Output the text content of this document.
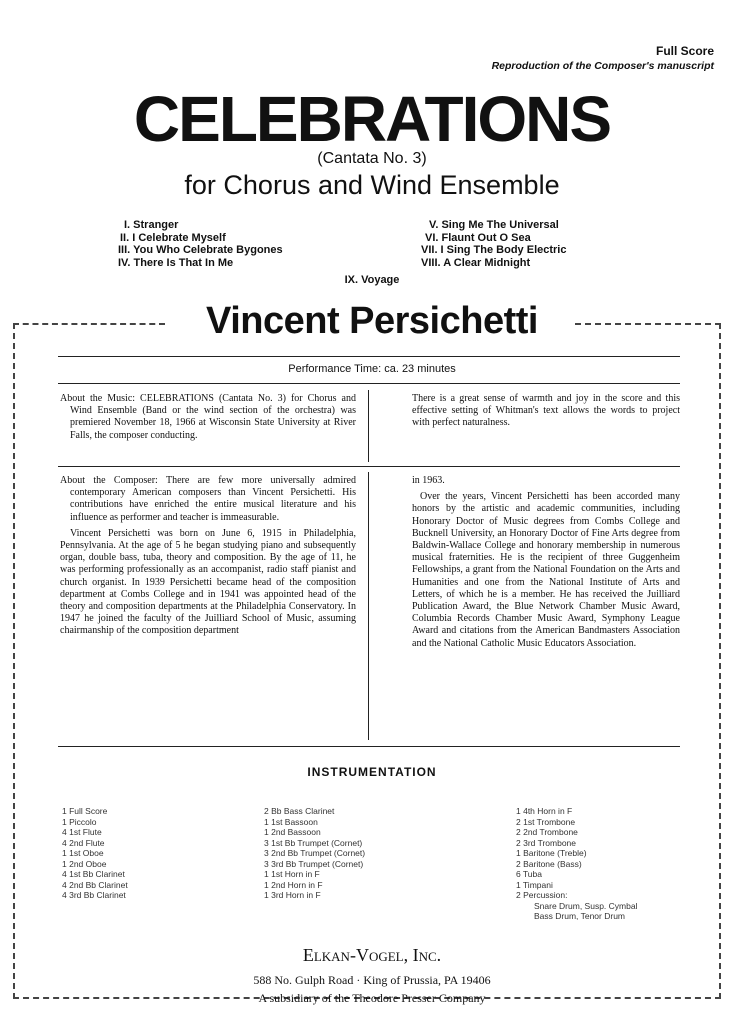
Full Score
Reproduction of the Composer's manuscript
CELEBRATIONS
(Cantata No. 3)
for Chorus and Wind Ensemble
I. Stranger
II. I Celebrate Myself
III. You Who Celebrate Bygones
IV. There Is That In Me
V. Sing Me The Universal
VI. Flaunt Out O Sea
VII. I Sing The Body Electric
VIII. A Clear Midnight
IX. Voyage
Vincent Persichetti
Performance Time: ca. 23 minutes

About the Music: CELEBRATIONS (Cantata No. 3) for Chorus and Wind Ensemble (Band or the wind section of the orchestra) was premiered November 18, 1966 at Wisconsin State University at River Falls, the composer conducting.

There is a great sense of warmth and joy in the score and this effective setting of Whitman's text allows the words to project with perfect naturalness.

About the Composer: There are few more universally admired contemporary American composers than Vincent Persichetti. His contributions have enriched the entire musical literature and his influence as performer and teacher is immeasurable.

Vincent Persichetti was born on June 6, 1915 in Philadelphia, Pennsylvania. At the age of 5 he began studying piano and subsequently organ, double bass, tuba, theory and composition. By the age of 11, he was performing professionally as an accompanist, radio staff pianist and church organist. In 1939 Persichetti became head of the composition department at Combs College and in 1941 was appointed head of the theory and composition departments at the Philadelphia Conservatory. In 1947 he joined the faculty of the Juilliard School of Music, assuming chairmanship of the composition department

in 1963.

Over the years, Vincent Persichetti has been accorded many honors by the artistic and academic communities, including Honorary Doctor of Music degrees from Combs College and Bucknell University, an Honorary Doctor of Fine Arts degree from Baldwin-Wallace College and honorary membership in numerous musical fraternities. He is the recipient of three Guggenheim Fellowships, a grant from the National Foundation on the Arts and Humanities and one from the National Institute of Arts and Letters, of which he is a member. He has received the Juilliard Publication Award, the Blue Network Chamber Music Award, Columbia Records Chamber Music Award, Symphony League Award and citations from the American Bandmasters Association and the National Catholic Music Educators Association.

INSTRUMENTATION
1 Full Score
1 Piccolo
4 1st Flute
4 2nd Flute
1 1st Oboe
1 2nd Oboe
4 1st Bb Clarinet
4 2nd Bb Clarinet
4 3rd Bb Clarinet
2 Bb Bass Clarinet
1 1st Bassoon
1 2nd Bassoon
3 1st Bb Trumpet (Cornet)
3 2nd Bb Trumpet (Cornet)
3 3rd Bb Trumpet (Cornet)
1 1st Horn in F
1 2nd Horn in F
1 3rd Horn in F
1 4th Horn in F
2 1st Trombone
2 2nd Trombone
2 3rd Trombone
1 Baritone (Treble)
2 Baritone (Bass)
6 Tuba
1 Timpani
2 Percussion:
Snare Drum, Susp. Cymbal
Bass Drum, Tenor Drum
Elkan-Vogel, Inc.
588 No. Gulph Road · King of Prussia, PA 19406
A subsidiary of the Theodore Presser Company
